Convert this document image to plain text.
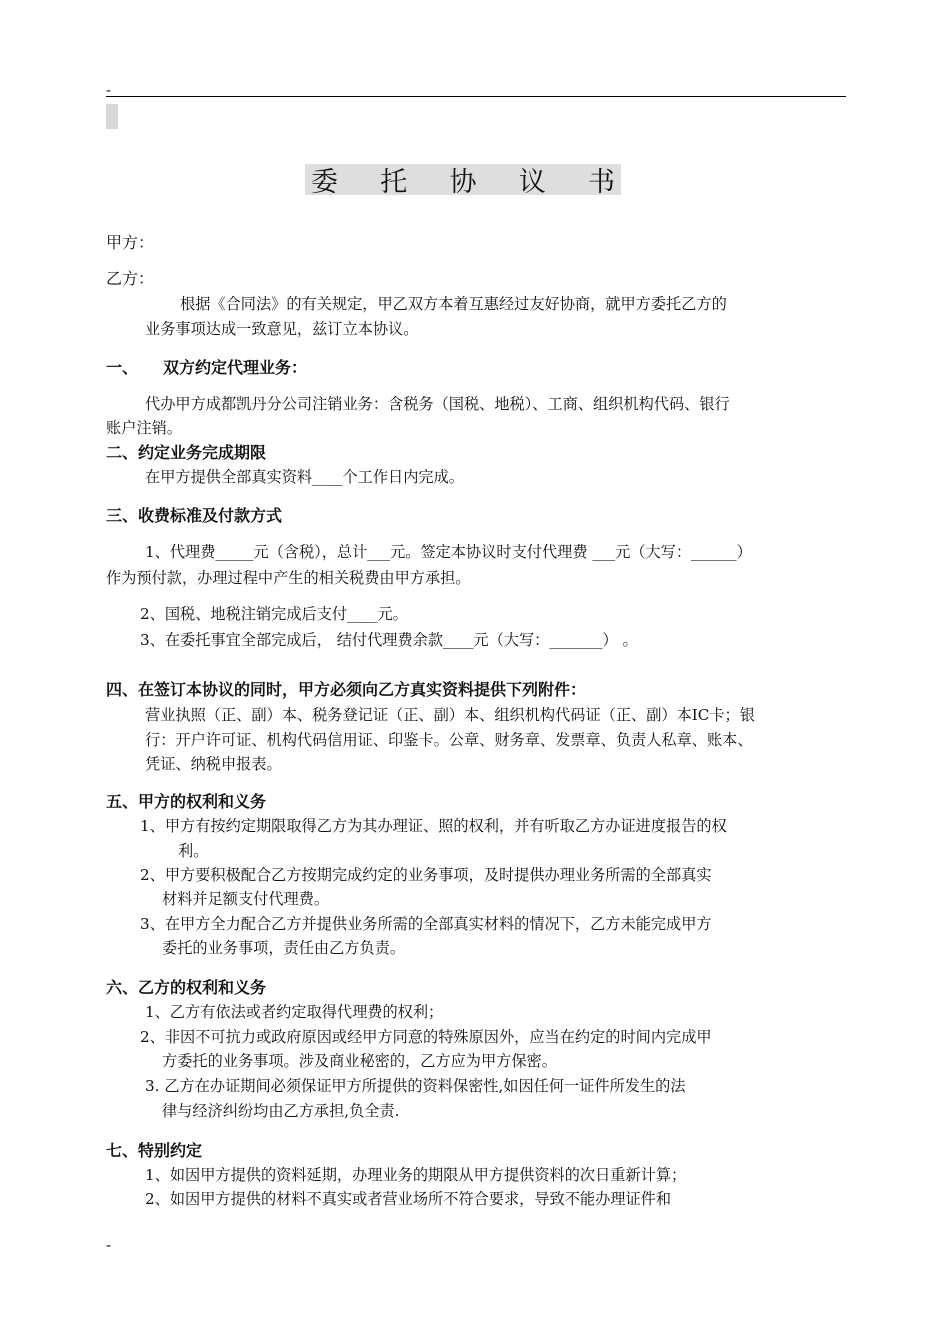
-
委 托 协 议 书
甲方：
乙方：
根据《合同法》的有关规定，甲乙双方本着互惠经过友好协商，就甲方委托乙方的
业务事项达成一致意见，兹订立本协议。
一、 双方约定代理业务：
代办甲方成都凯丹分公司注销业务：含税务（国税、地税）、工商、组织机构代码、银行
账户注销。
二、约定业务完成期限
在甲方提供全部真实资料____个工作日内完成。
三、收费标准及付款方式
1、代理费_____元（含税），总计___元。签定本协议时支付代理费 ___元（大写：______）
作为预付款，办理过程中产生的相关税费由甲方承担。
2、国税、地税注销完成后支付____元。
3、在委托事宜全部完成后， 结付代理费余款____元（大写：_______） 。
四、在签订本协议的同时，甲方必须向乙方真实资料提供下列附件：
营业执照（正、副）本、税务登记证（正、副）本、组织机构代码证（正、副）本IC卡；银
行：开户许可证、机构代码信用证、印鉴卡。公章、财务章、发票章、负责人私章、账本、
凭证、纳税申报表。
五、甲方的权利和义务
1、甲方有按约定期限取得乙方为其办理证、照的权利，并有听取乙方办证进度报告的权
利。
2、甲方要积极配合乙方按期完成约定的业务事项，及时提供办理业务所需的全部真实
材料并足额支付代理费。
3、在甲方全力配合乙方并提供业务所需的全部真实材料的情况下，乙方未能完成甲方
委托的业务事项，责任由乙方负责。
六、乙方的权利和义务
1、乙方有依法或者约定取得代理费的权利；
2、非因不可抗力或政府原因或经甲方同意的特殊原因外，应当在约定的时间内完成甲
方委托的业务事项。涉及商业秘密的，乙方应为甲方保密。
3. 乙方在办证期间必须保证甲方所提供的资料保密性,如因任何一证件所发生的法
律与经济纠纷均由乙方承担,负全责.
七、特别约定
1、如因甲方提供的资料延期，办理业务的期限从甲方提供资料的次日重新计算；
2、如因甲方提供的材料不真实或者营业场所不符合要求，导致不能办理证件和
-
